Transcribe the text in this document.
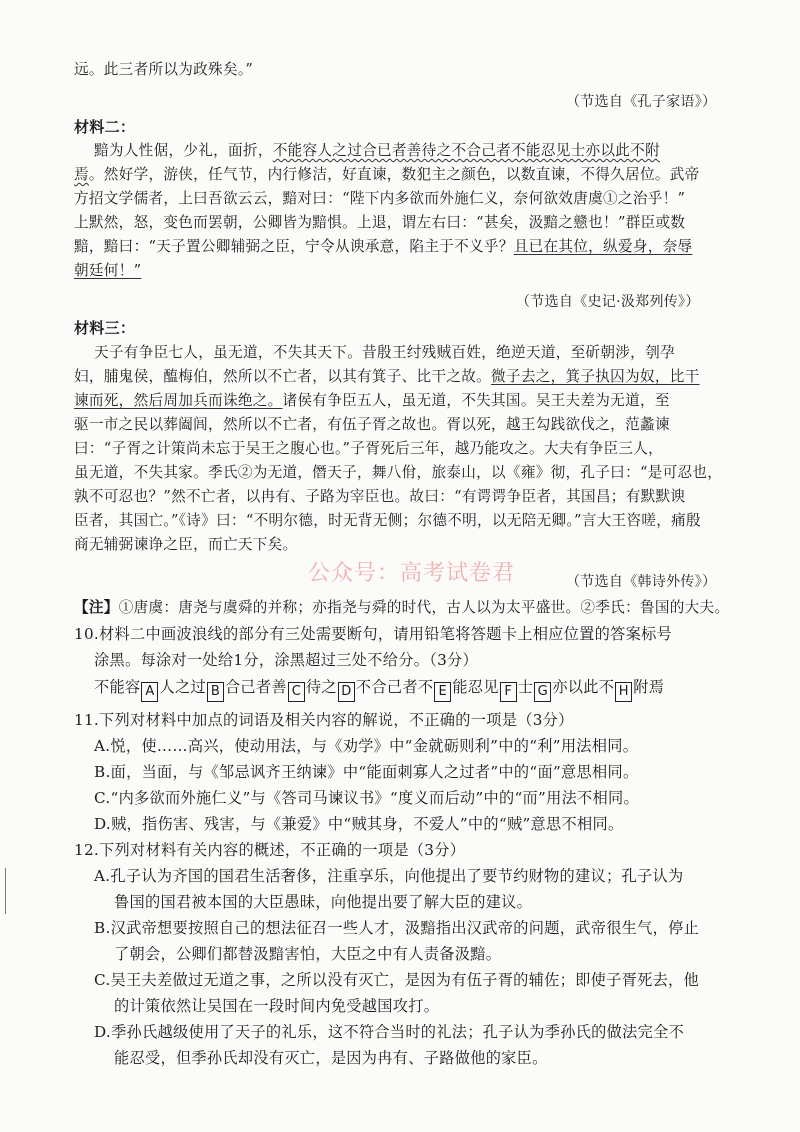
远。此三者所以为政殊矣。”
（节选自《孔子家语》）
材料二：
黯为人性倨，少礼，面折，不能容人之过合已者善待之不合己者不能忍见士亦以此不附
焉。然好学，游侠，任气节，内行修洁，好直谏，数犯主之颜色，以数直谏，不得久居位。武帝
方招文学儒者，上曰吾欲云云，黯对曰：“陛下内多欲而外施仁义，奈何欲效唐虞①之治乎！”
上默然，怒，变色而罢朝，公卿皆为黯惧。上退，谓左右曰：“甚矣，汲黯之戆也！”群臣或数
黯，黯曰：“天子置公卿辅弼之臣，宁令从谀承意，陷主于不义乎？且已在其位，纵爱身，奈辱
朝廷何！”
（节选自《史记·汲郑列传》）
材料三：
天子有争臣七人，虽无道，不失其天下。昔殷王纣残贼百姓，绝逆天道，至斫朝涉，刳孕
妇，脯鬼侯，醢梅伯，然所以不亡者，以其有箕子、比干之故。微子去之，箕子执囚为奴，比干
谏而死，然后周加兵而诛绝之。诸侯有争臣五人，虽无道，不失其国。吴王夫差为无道，至
驱一市之民以葬阖闾，然所以不亡者，有伍子胥之故也。胥以死，越王勾践欲伐之，范蠡谏
曰：“子胥之计策尚未忘于吴王之腹心也。”子胥死后三年，越乃能攻之。大夫有争臣三人，
虽无道，不失其家。季氏②为无道，僭天子，舞八佾，旅泰山，以《雍》彻，孔子曰：“是可忍也，
孰不可忍也？”然不亡者，以冉有、子路为宰臣也。故曰：“有谔谔争臣者，其国昌；有默默谀
臣者，其国亡。”《诗》曰：“不明尔德，时无背无侧；尔德不明，以无陪无卿。”言大王咨嗟，痛殷
商无辅弼谏诤之臣，而亡天下矣。
公众号：高考试卷君	（节选自《韩诗外传》）
【注】①唐虞：唐尧与虞舜的并称；亦指尧与舜的时代，古人以为太平盛世。②季氏：鲁国的大夫。
10.材料二中画波浪线的部分有三处需要断句，请用铅笔将答题卡上相应位置的答案标号
涂黑。每涂对一处给1分，涂黑超过三处不给分。（3分）
不能容 A 人之过 B 合己者善 C 待之 D 不合己者不 E 能忍见 F 士 G 亦以此不 H 附焉
11.下列对材料中加点的词语及相关内容的解说，不正确的一项是（3分）
A.悦，使……高兴，使动用法，与《劝学》中“金就砺则利”中的“利”用法相同。
B.面，当面，与《邹忌讽齐王纳谏》中“能面刺寡人之过者”中的“面”意思相同。
C.“内多欲而外施仁义”与《答司马谏议书》“度义而后动”中的“而”用法不相同。
D.贼，指伤害、残害，与《兼爱》中“贼其身，不爱人”中的“贼”意思不相同。
12.下列对材料有关内容的概述，不正确的一项是（3分）
A.孔子认为齐国的国君生活奢侈，注重享乐，向他提出了要节约财物的建议；孔子认为
鲁国的国君被本国的大臣愚昧，向他提出要了解大臣的建议。
B.汉武帝想要按照自己的想法征召一些人才，汲黯指出汉武帝的问题，武帝很生气，停止
了朝会，公卿们都替汲黯害怕，大臣之中有人责备汲黯。
C.吴王夫差做过无道之事，之所以没有灭亡，是因为有伍子胥的辅佐；即使子胥死去，他
的计策依然让吴国在一段时间内免受越国攻打。
D.季孙氏越级使用了天子的礼乐，这不符合当时的礼法；孔子认为季孙氏的做法完全不
能忍受，但季孙氏却没有灭亡，是因为冉有、子路做他的家臣。
